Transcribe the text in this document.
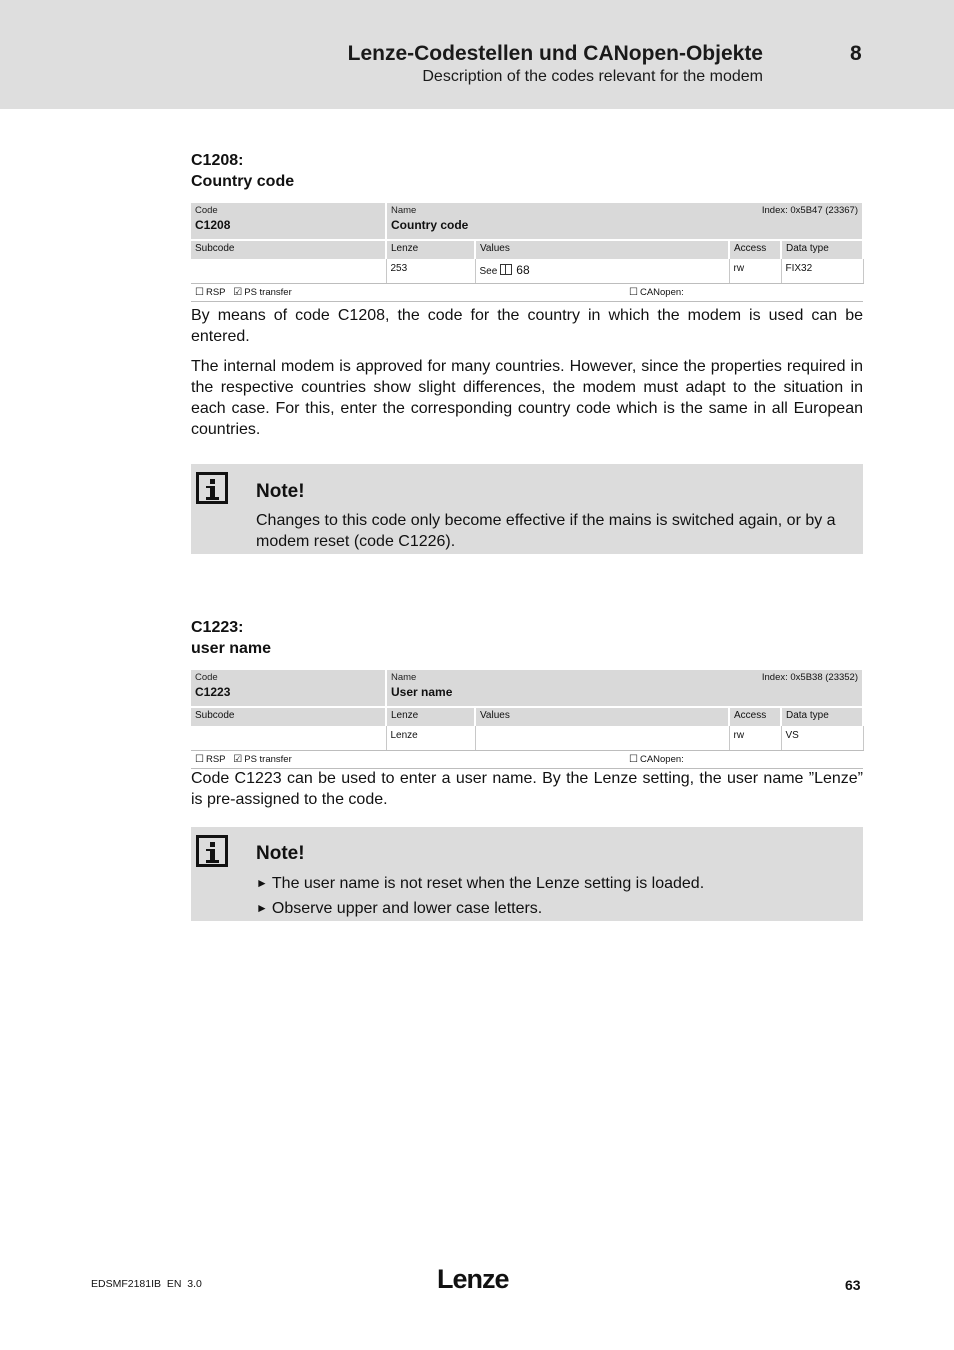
Lenze-Codestellen und CANopen-Objekte	8
Description of the codes relevant for the modem
C1208:
Country code
Code
C1208	Index: 0x5B47 (23367)
Name
Country code			

Subcode	Lenze	Values	Access	Data type
	253	See 68	rw	FIX32
☐ RSP ☑ PS transfer			☐ CANopen:	

By means of code C1208, the code for the country in which the modem is used can be entered.

The internal modem is approved for many countries. However, since the properties required in the respective countries show slight differences, the modem must adapt to the situation in each case. For this, enter the corresponding country code which is the same in all European countries.

Note!
Changes to this code only become effective if the mains is switched again, or by a modem reset (code C1226).
C1223:
user name
Code
C1223	Index: 0x5B38 (23352)
Name
User name			

Subcode	Lenze	Values	Access	Data type
	Lenze		rw	VS
☐ RSP ☑ PS transfer			☐ CANopen:	

Code C1223 can be used to enter a user name. By the Lenze setting, the user name ”Lenze” is pre-assigned to the code.

Note!
► The user name is not reset when the Lenze setting is loaded.
► Observe upper and lower case letters.
EDSMF2181IB  EN  3.0	Lenze	63
